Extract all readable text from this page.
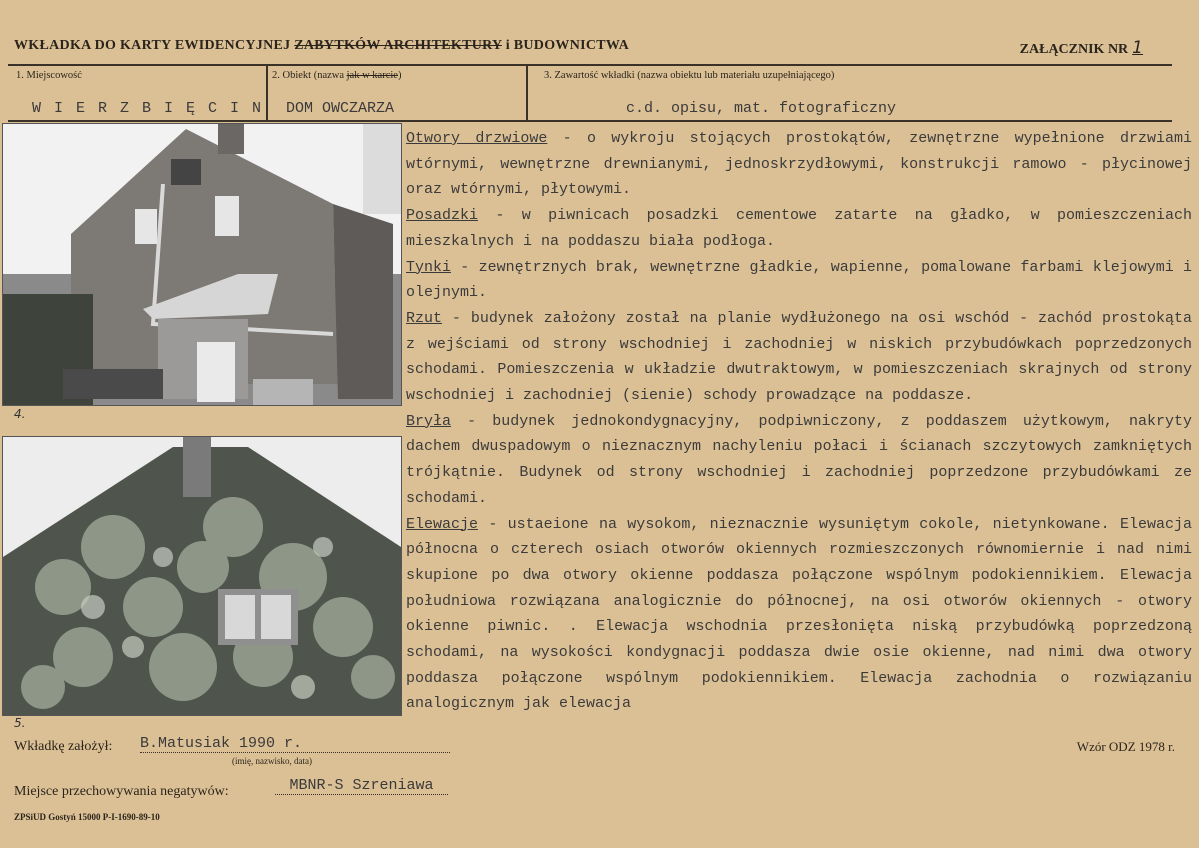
WKŁADKA DO KARTY EWIDENCYJNEJ ZABYTKÓW ARCHITEKTURY i BUDOWNICTWA	ZAŁĄCZNIK NR 1
1. Miejscowość	2. Obiekt (nazwa jak w karcie)	3. Zawartość wkładki (nazwa obiektu lub materiału uzupełniającego)
W I E R Z B I Ę C I N DOM OWCZARZA	c.d. opisu, mat. fotograficzny
4.
5.

Otwory drzwiowe - o wykroju stojących prostokątów, zewnętrzne wypełnione drzwiami wtórnymi, wewnętrzne drewnianymi, jednoskrzydłowymi, konstrukcji ramowo - płycinowej oraz wtórnymi, płytowymi.

Posadzki - w piwnicach posadzki cementowe zatarte na gładko, w pomieszczeniach mieszkalnych i na poddaszu biała podłoga.

Tynki - zewnętrznych brak, wewnętrzne gładkie, wapienne, pomalowane farbami klejowymi i olejnymi.

Rzut - budynek założony został na planie wydłużonego na osi wschód - zachód prostokąta z wejściami od strony wschodniej i zachodniej w niskich przybudówkach poprzedzonych schodami. Pomieszczenia w układzie dwutraktowym, w pomieszczeniach skrajnych od strony wschodniej i zachodniej (sienie) schody prowadzące na poddasze.

Bryła - budynek jednokondygnacyjny, podpiwniczony, z poddaszem użytkowym, nakryty dachem dwuspadowym o nieznacznym nachyleniu połaci i ścianach szczytowych zamkniętych trójkątnie. Budynek od strony wschodniej i zachodniej poprzedzone przybudówkami ze schodami.

Elewacje - ustaeione na wysokom, nieznacznie wysuniętym cokole, nietynkowane. Elewacja północna o czterech osiach otworów okiennych rozmieszczonych równomiernie i nad nimi skupione po dwa otwory okienne poddasza połączone wspólnym podokiennikiem. Elewacja południowa rozwiązana analogicznie do północnej, na osi otworów okiennych - otwory okienne piwnic. . Elewacja wschodnia przesłonięta niską przybudówką poprzedzoną schodami, na wysokości kondygnacji poddasza dwie osie okienne, nad nimi dwa otwory poddasza połączone wspólnym podokiennikiem. Elewacja zachodnia o rozwiązaniu analogicznym jak elewacja

Wkładkę założył: B.Matusiak 1990 r.
(imię, nazwisko, data)
Wzór ODZ 1978 r.
Miejsce przechowywania negatywów:	MBNR-S Szreniawa
ZPSiUD Gostyń 15000 P-I-1690-89-10
